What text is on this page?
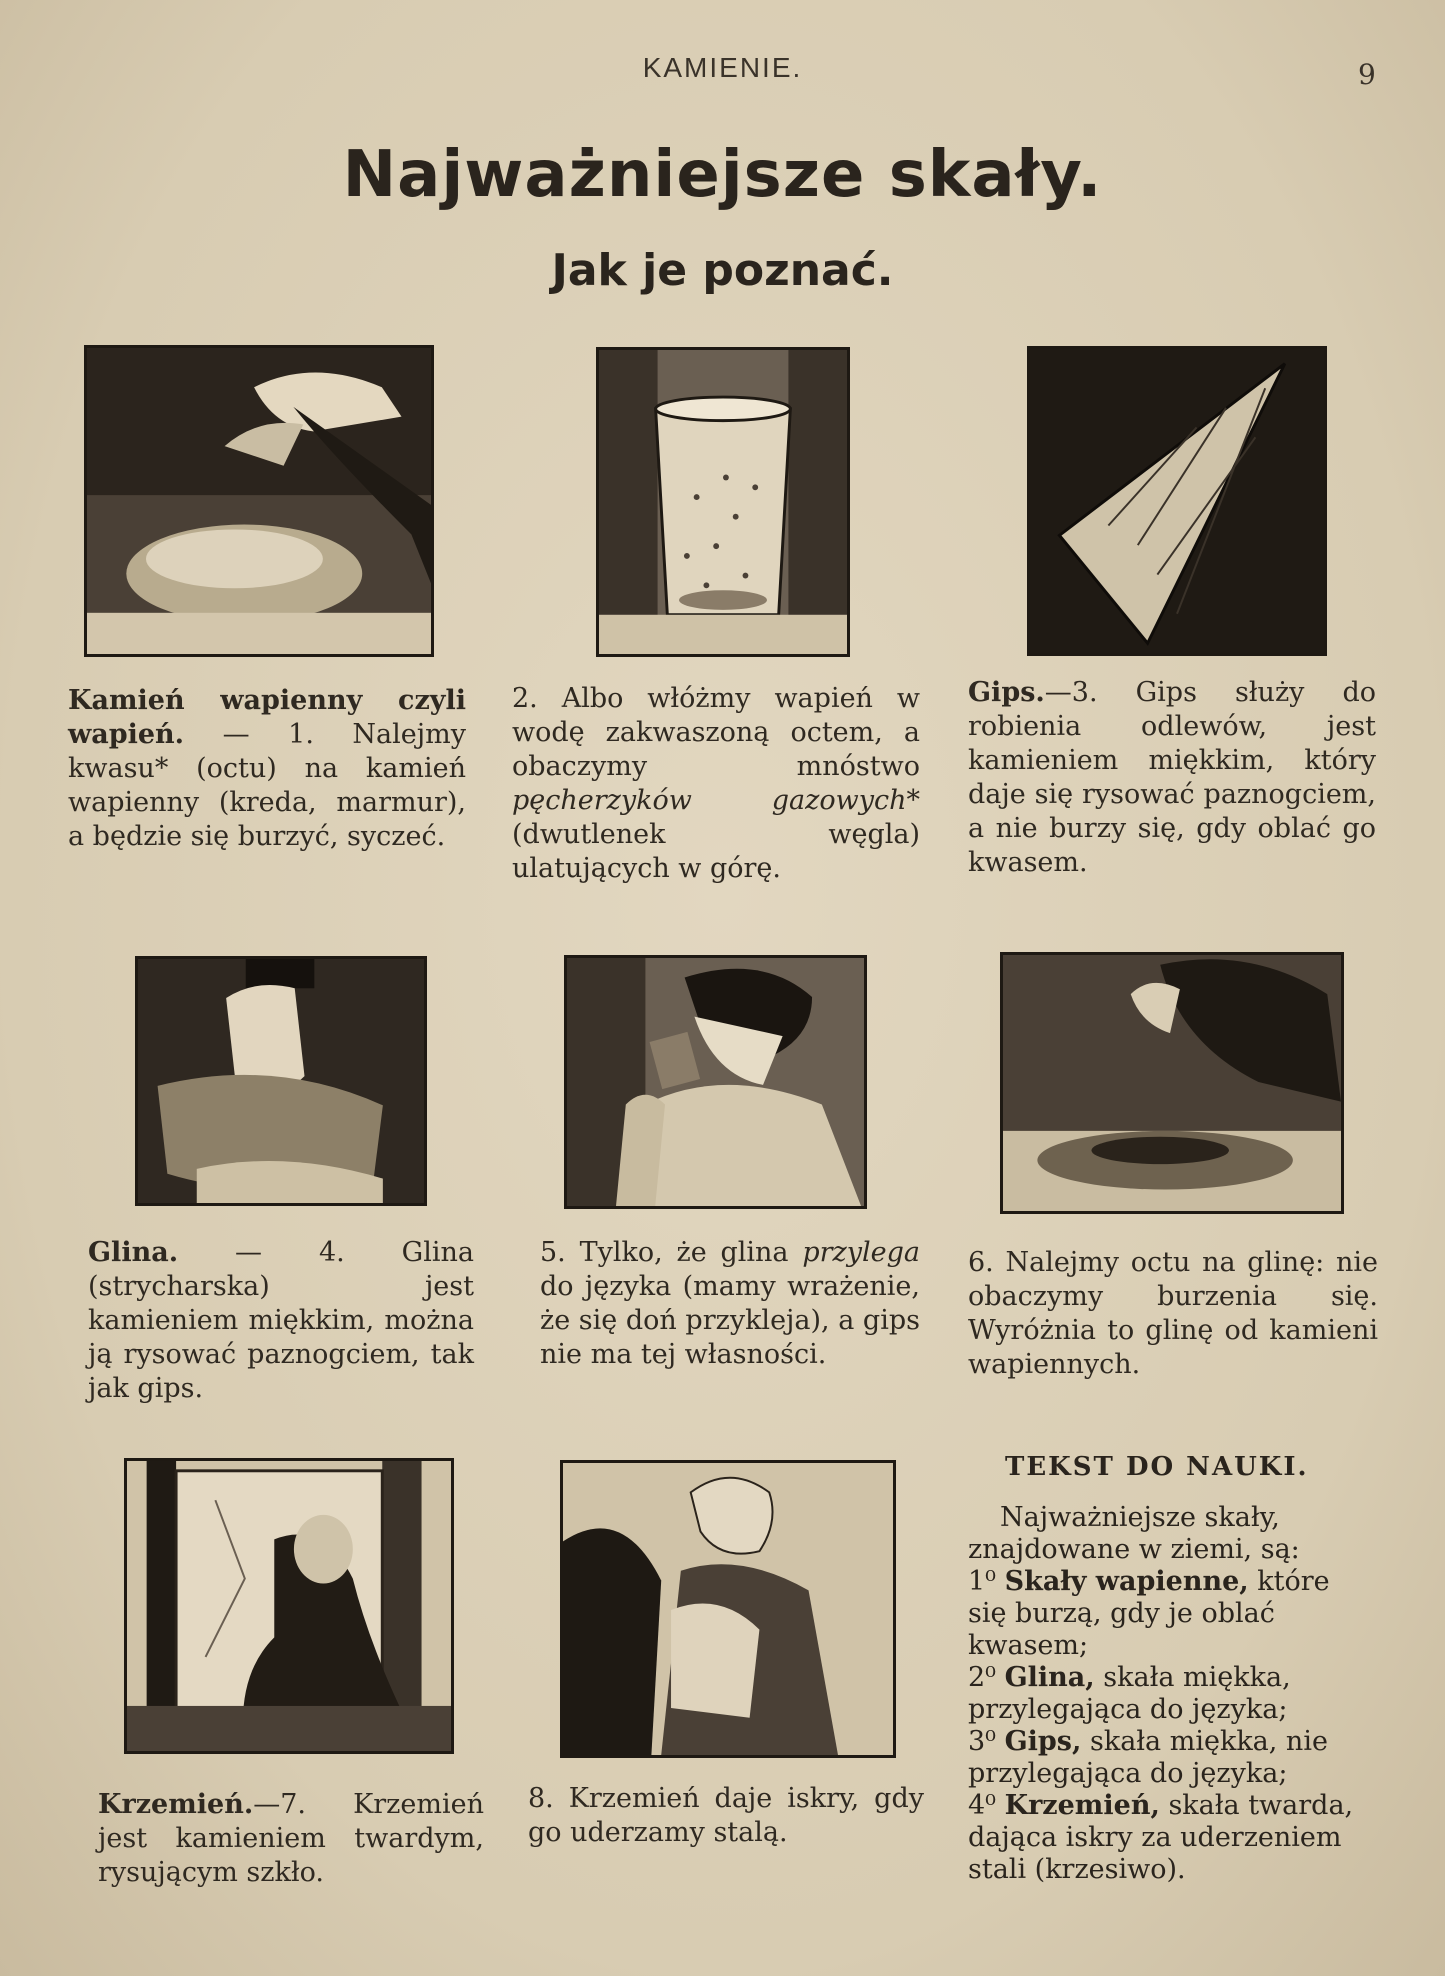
KAMIENIE.	9
Najważniejsze skały.
Jak je poznać.
Kamień wapienny czyli wapień. — 1. Nalejmy kwasu* (octu) na kamień wapienny (kreda, marmur), a będzie się burzyć, syczeć.
2. Albo włóżmy wapień w wodę zakwaszoną octem, a obaczymy mnóstwo pęcherzyków gazowych* (dwutlenek węgla) ulatujących w górę.
Gips.—3. Gips służy do robienia odlewów, jest kamieniem miękkim, który daje się rysować paznogciem, a nie burzy się, gdy oblać go kwasem.
Glina. — 4. Glina (strycharska) jest kamieniem miękkim, można ją rysować paznogciem, tak jak gips.
5. Tylko, że glina przylega do języka (mamy wrażenie, że się doń przykleja), a gips nie ma tej własności.
6. Nalejmy octu na glinę: nie obaczymy burzenia się. Wyróżnia to glinę od kamieni wapiennych.
Krzemień.—7. Krzemień jest kamieniem twardym, rysującym szkło.
8. Krzemień daje iskry, gdy go uderzamy stalą.
TEKST DO NAUKI.
Najważniejsze skały, znajdowane w ziemi, są:
1⁰ Skały wapienne, które się burzą, gdy je oblać kwasem;
2⁰ Glina, skała miękka, przylegająca do języka;
3⁰ Gips, skała miękka, nie przylegająca do języka;
4⁰ Krzemień, skała twarda, dająca iskry za uderzeniem stali (krzesiwo).
